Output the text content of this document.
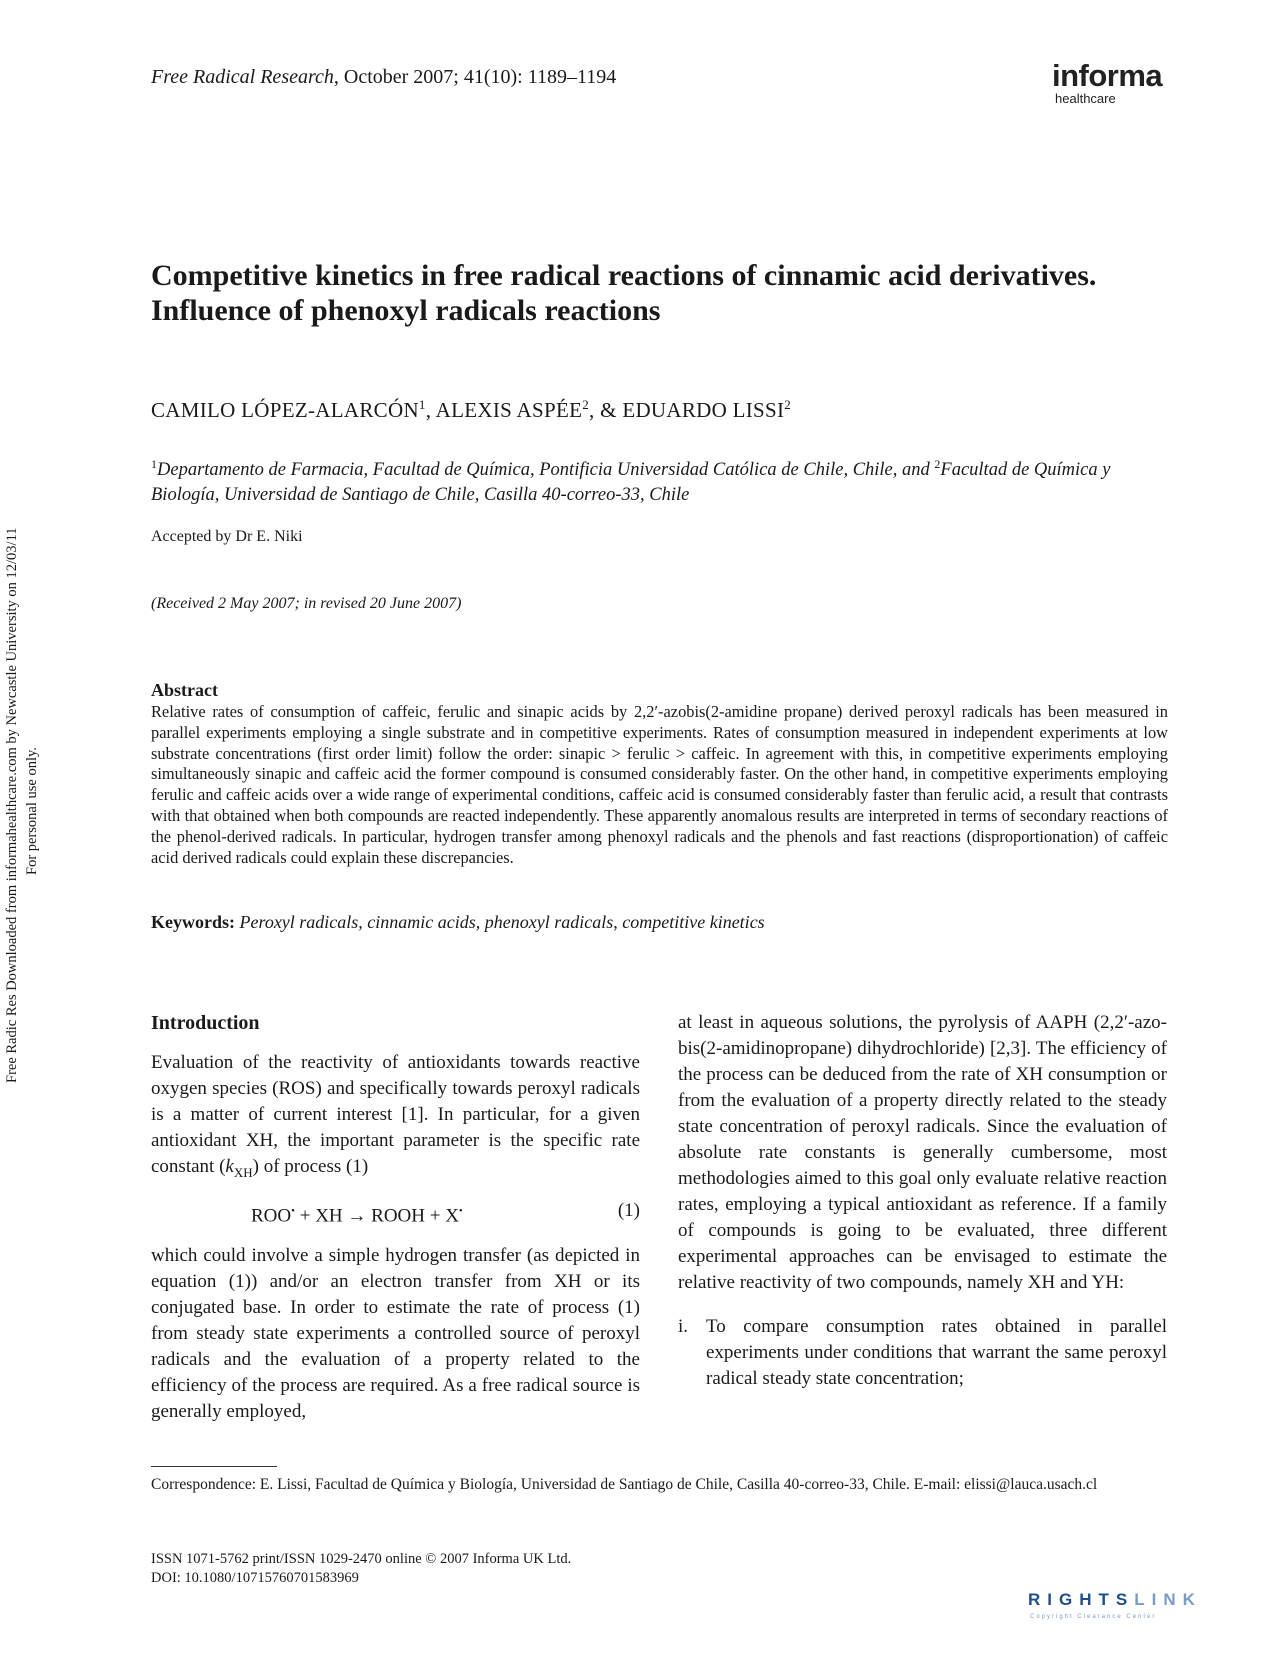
Free Radical Research, October 2007; 41(10): 1189–1194	informa
healthcare
Competitive kinetics in free radical reactions of cinnamic acid derivatives. Influence of phenoxyl radicals reactions
CAMILO LÓPEZ-ALARCÓN$^1$, ALEXIS ASPÉE$^2$, & EDUARDO LISSI$^2$
$^1$Departamento de Farmacia, Facultad de Química, Pontificia Universidad Católica de Chile, Chile, and $^2$Facultad de Química y Biología, Universidad de Santiago de Chile, Casilla 40-correo-33, Chile
Accepted by Dr E. Niki
(Received 2 May 2007; in revised 20 June 2007)
Abstract
Relative rates of consumption of caffeic, ferulic and sinapic acids by 2,2′-azobis(2-amidine propane) derived peroxyl radicals has been measured in parallel experiments employing a single substrate and in competitive experiments. Rates of consumption measured in independent experiments at low substrate concentrations (first order limit) follow the order: sinapic > ferulic > caffeic. In agreement with this, in competitive experiments employing simultaneously sinapic and caffeic acid the former compound is consumed considerably faster. On the other hand, in competitive experiments employing ferulic and caffeic acids over a wide range of experimental conditions, caffeic acid is consumed considerably faster than ferulic acid, a result that contrasts with that obtained when both compounds are reacted independently. These apparently anomalous results are interpreted in terms of secondary reactions of the phenol-derived radicals. In particular, hydrogen transfer among phenoxyl radicals and the phenols and fast reactions (disproportionation) of caffeic acid derived radicals could explain these discrepancies.
Keywords: Peroxyl radicals, cinnamic acids, phenoxyl radicals, competitive kinetics
Free Radic Res Downloaded from informahealthcare.com by Newcastle University on 12/03/11 For personal use only.
Introduction

Evaluation of the reactivity of antioxidants towards reactive oxygen species (ROS) and specifically towards peroxyl radicals is a matter of current interest [1]. In particular, for a given antioxidant XH, the important parameter is the specific rate constant $(k_{XH})$ of process (1)

ROO• + XH → ROOH + X•	(1)

which could involve a simple hydrogen transfer (as depicted in equation (1)) and/or an electron transfer from XH or its conjugated base. In order to estimate the rate of process (1) from steady state experiments a controlled source of peroxyl radicals and the evaluation of a property related to the efficiency of the process are required. As a free radical source is generally employed,

at least in aqueous solutions, the pyrolysis of AAPH (2,2′-azo-bis(2-amidinopropane) dihydrochloride) [2,3]. The efficiency of the process can be deduced from the rate of XH consumption or from the evaluation of a property directly related to the steady state concentration of peroxyl radicals. Since the evaluation of absolute rate constants is generally cumbersome, most methodologies aimed to this goal only evaluate relative reaction rates, employing a typical antioxidant as reference. If a family of compounds is going to be evaluated, three different experimental approaches can be envisaged to estimate the relative reactivity of two compounds, namely XH and YH:

i. To compare consumption rates obtained in parallel experiments under conditions that warrant the same peroxyl radical steady state concentration;
Correspondence: E. Lissi, Facultad de Química y Biología, Universidad de Santiago de Chile, Casilla 40-correo-33, Chile. E-mail: elissi@lauca.usach.cl
ISSN 1071-5762 print/ISSN 1029-2470 online © 2007 Informa UK Ltd.
DOI: 10.1080/10715760701583969
RIGHTSLINK
Copyright Clearance Center
